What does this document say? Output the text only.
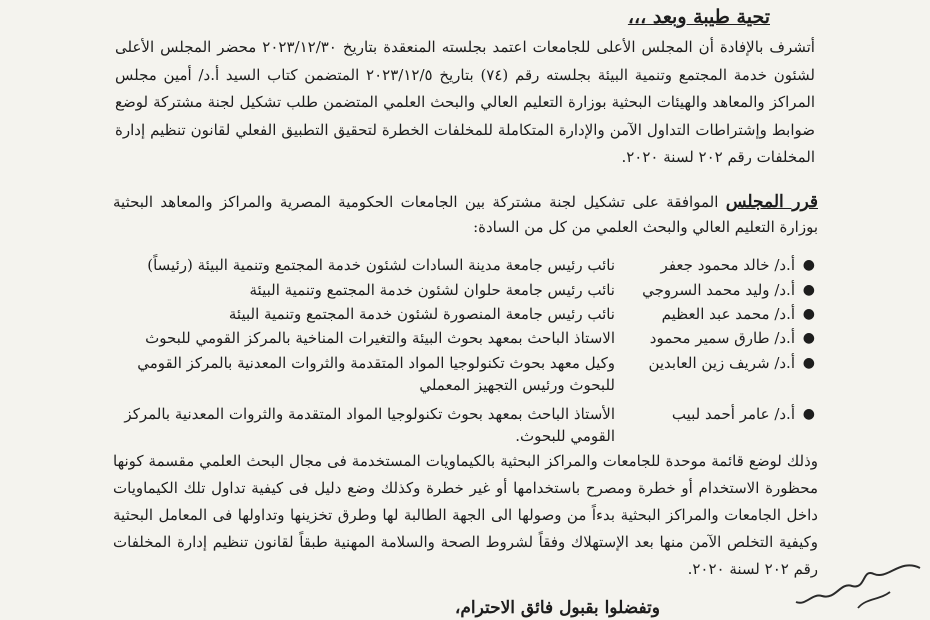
تحية طيبة وبعد ،،،
أتشرف بالإفادة أن المجلس الأعلى للجامعات اعتمد بجلسته المنعقدة بتاريخ ٢٠٢٣/١٢/٣٠ محضر المجلس الأعلى لشئون خدمة المجتمع وتنمية البيئة بجلسته رقم (٧٤) بتاريخ ٢٠٢٣/١٢/٥ المتضمن كتاب السيد أ.د/ أمين مجلس المراكز والمعاهد والهيئات البحثية بوزارة التعليم العالي والبحث العلمي المتضمن طلب تشكيل لجنة مشتركة لوضع ضوابط وإشتراطات التداول الآمن والإدارة المتكاملة للمخلفات الخطرة لتحقيق التطبيق الفعلي لقانون تنظيم إدارة المخلفات رقم ٢٠٢ لسنة ٢٠٢٠.
قرر المجلس الموافقة على تشكيل لجنة مشتركة بين الجامعات الحكومية المصرية والمراكز والمعاهد البحثية بوزارة التعليم العالي والبحث العلمي من كل من السادة:
●
أ.د/ خالد محمود جعفر
نائب رئيس جامعة مدينة السادات لشئون خدمة المجتمع وتنمية البيئة (رئيساً)
●
أ.د/ وليد محمد السروجي
نائب رئيس جامعة حلوان لشئون خدمة المجتمع وتنمية البيئة
●
أ.د/ محمد عبد العظيم
نائب رئيس جامعة المنصورة لشئون خدمة المجتمع وتنمية البيئة
●
أ.د/ طارق سمير محمود
الاستاذ الباحث بمعهد بحوث البيئة والتغيرات المناخية بالمركز القومي للبحوث
●
أ.د/ شريف زين العابدين
وكيل معهد بحوث تكنولوجيا المواد المتقدمة والثروات المعدنية بالمركز القومي للبحوث ورئيس التجهيز المعملي
●
أ.د/ عامر أحمد لبيب
الأستاذ الباحث بمعهد بحوث تكنولوجيا المواد المتقدمة والثروات المعدنية بالمركز القومي للبحوث.
وذلك لوضع قائمة موحدة للجامعات والمراكز البحثية بالكيماويات المستخدمة فى مجال البحث العلمي مقسمة كونها محظورة الاستخدام أو خطرة ومصرح باستخدامها أو غير خطرة وكذلك وضع دليل فى كيفية تداول تلك الكيماويات داخل الجامعات والمراكز البحثية بدءاً من وصولها الى الجهة الطالبة لها وطرق تخزينها وتداولها فى المعامل البحثية وكيفية التخلص الآمن منها بعد الإستهلاك وفقاً لشروط الصحة والسلامة المهنية طبقاً لقانون تنظيم إدارة المخلفات رقم ٢٠٢ لسنة ٢٠٢٠.
وتفضلوا بقبول فائق الاحترام،
